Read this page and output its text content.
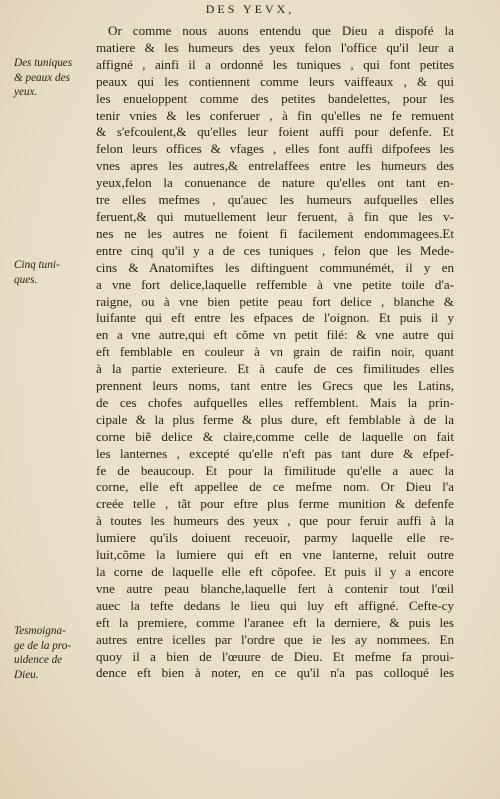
DES YEVX,
Des tuniques
& peaux des
yeux.
Cinq tuni-
ques.
Tesmoigna-
ge de la pro-
uidence de
Dieu.
Or comme nous auons entendu que Dieu a dispofé la
matiere & les humeurs des yeux felon l'office qu'il leur a
affigné , ainfi il a ordonné les tuniques , qui font petites
peaux qui les contiennent comme leurs vaiffeaux , & qui
les enueloppent comme des petites bandelettes, pour les
tenir vnies & les conferuer , à fin qu'elles ne fe remuent
& s'efcoulent,& qu'elles leur foient auffi pour defenfe. Et
felon leurs offices & vfages , elles font auffi difpofees les
vnes apres les autres,& entrelaffees entre les humeurs des
yeux,felon la conuenance de nature qu'elles ont tant en-
tre elles mefmes , qu'auec les humeurs aufquelles elles
feruent,& qui mutuellement leur feruent, à fin que les v-
nes ne les autres ne foient fi facilement endommagees.Et
entre cinq qu'il y a de ces tuniques , felon que les Mede-
cins & Anatomiftes les diftinguent communémét, il y en
a vne fort delice,laquelle reffemble à vne petite toile d'a-
raigne, ou à vne bien petite peau fort delice , blanche &
luifante qui eft entre les efpaces de l'oignon. Et puis il y
en a vne autre,qui eft cõme vn petit filé: & vne autre qui
eft femblable en couleur à vn grain de raifin noir, quant
à la partie exterieure. Et à caufe de ces fimilitudes elles
prennent leurs noms, tant entre les Grecs que les Latins,
de ces chofes aufquelles elles reffemblent. Mais la prin-
cipale & la plus ferme & plus dure, eft femblable à de la
corne biẽ delice & claire,comme celle de laquelle on fait
les lanternes , excepté qu'elle n'eft pas tant dure & efpef-
fe de beaucoup. Et pour la fimilitude qu'elle a auec la
corne, elle eft appellee de ce mefme nom. Or Dieu l'a
creée telle , tãt pour eftre plus ferme munition & defenfe
à toutes les humeurs des yeux , que pour feruir auffi à la
lumiere qu'ils doiuent receuoir, parmy laquelle elle re-
luit,cõme la lumiere qui eft en vne lanterne, reluit outre
la corne de laquelle elle eft cõpofee. Et puis il y a encore
vne autre peau blanche,laquelle fert à contenir tout l'œil
auec la tefte dedans le lieu qui luy eft affigné. Cefte-cy
eft la premiere, comme l'aranee eft la derniere, & puis les
autres entre icelles par l'ordre que ie les ay nommees. En
quoy il a bien de l'œuure de Dieu. Et mefme fa proui-
dence eft bien à noter, en ce qu'il n'a pas colloqué les
